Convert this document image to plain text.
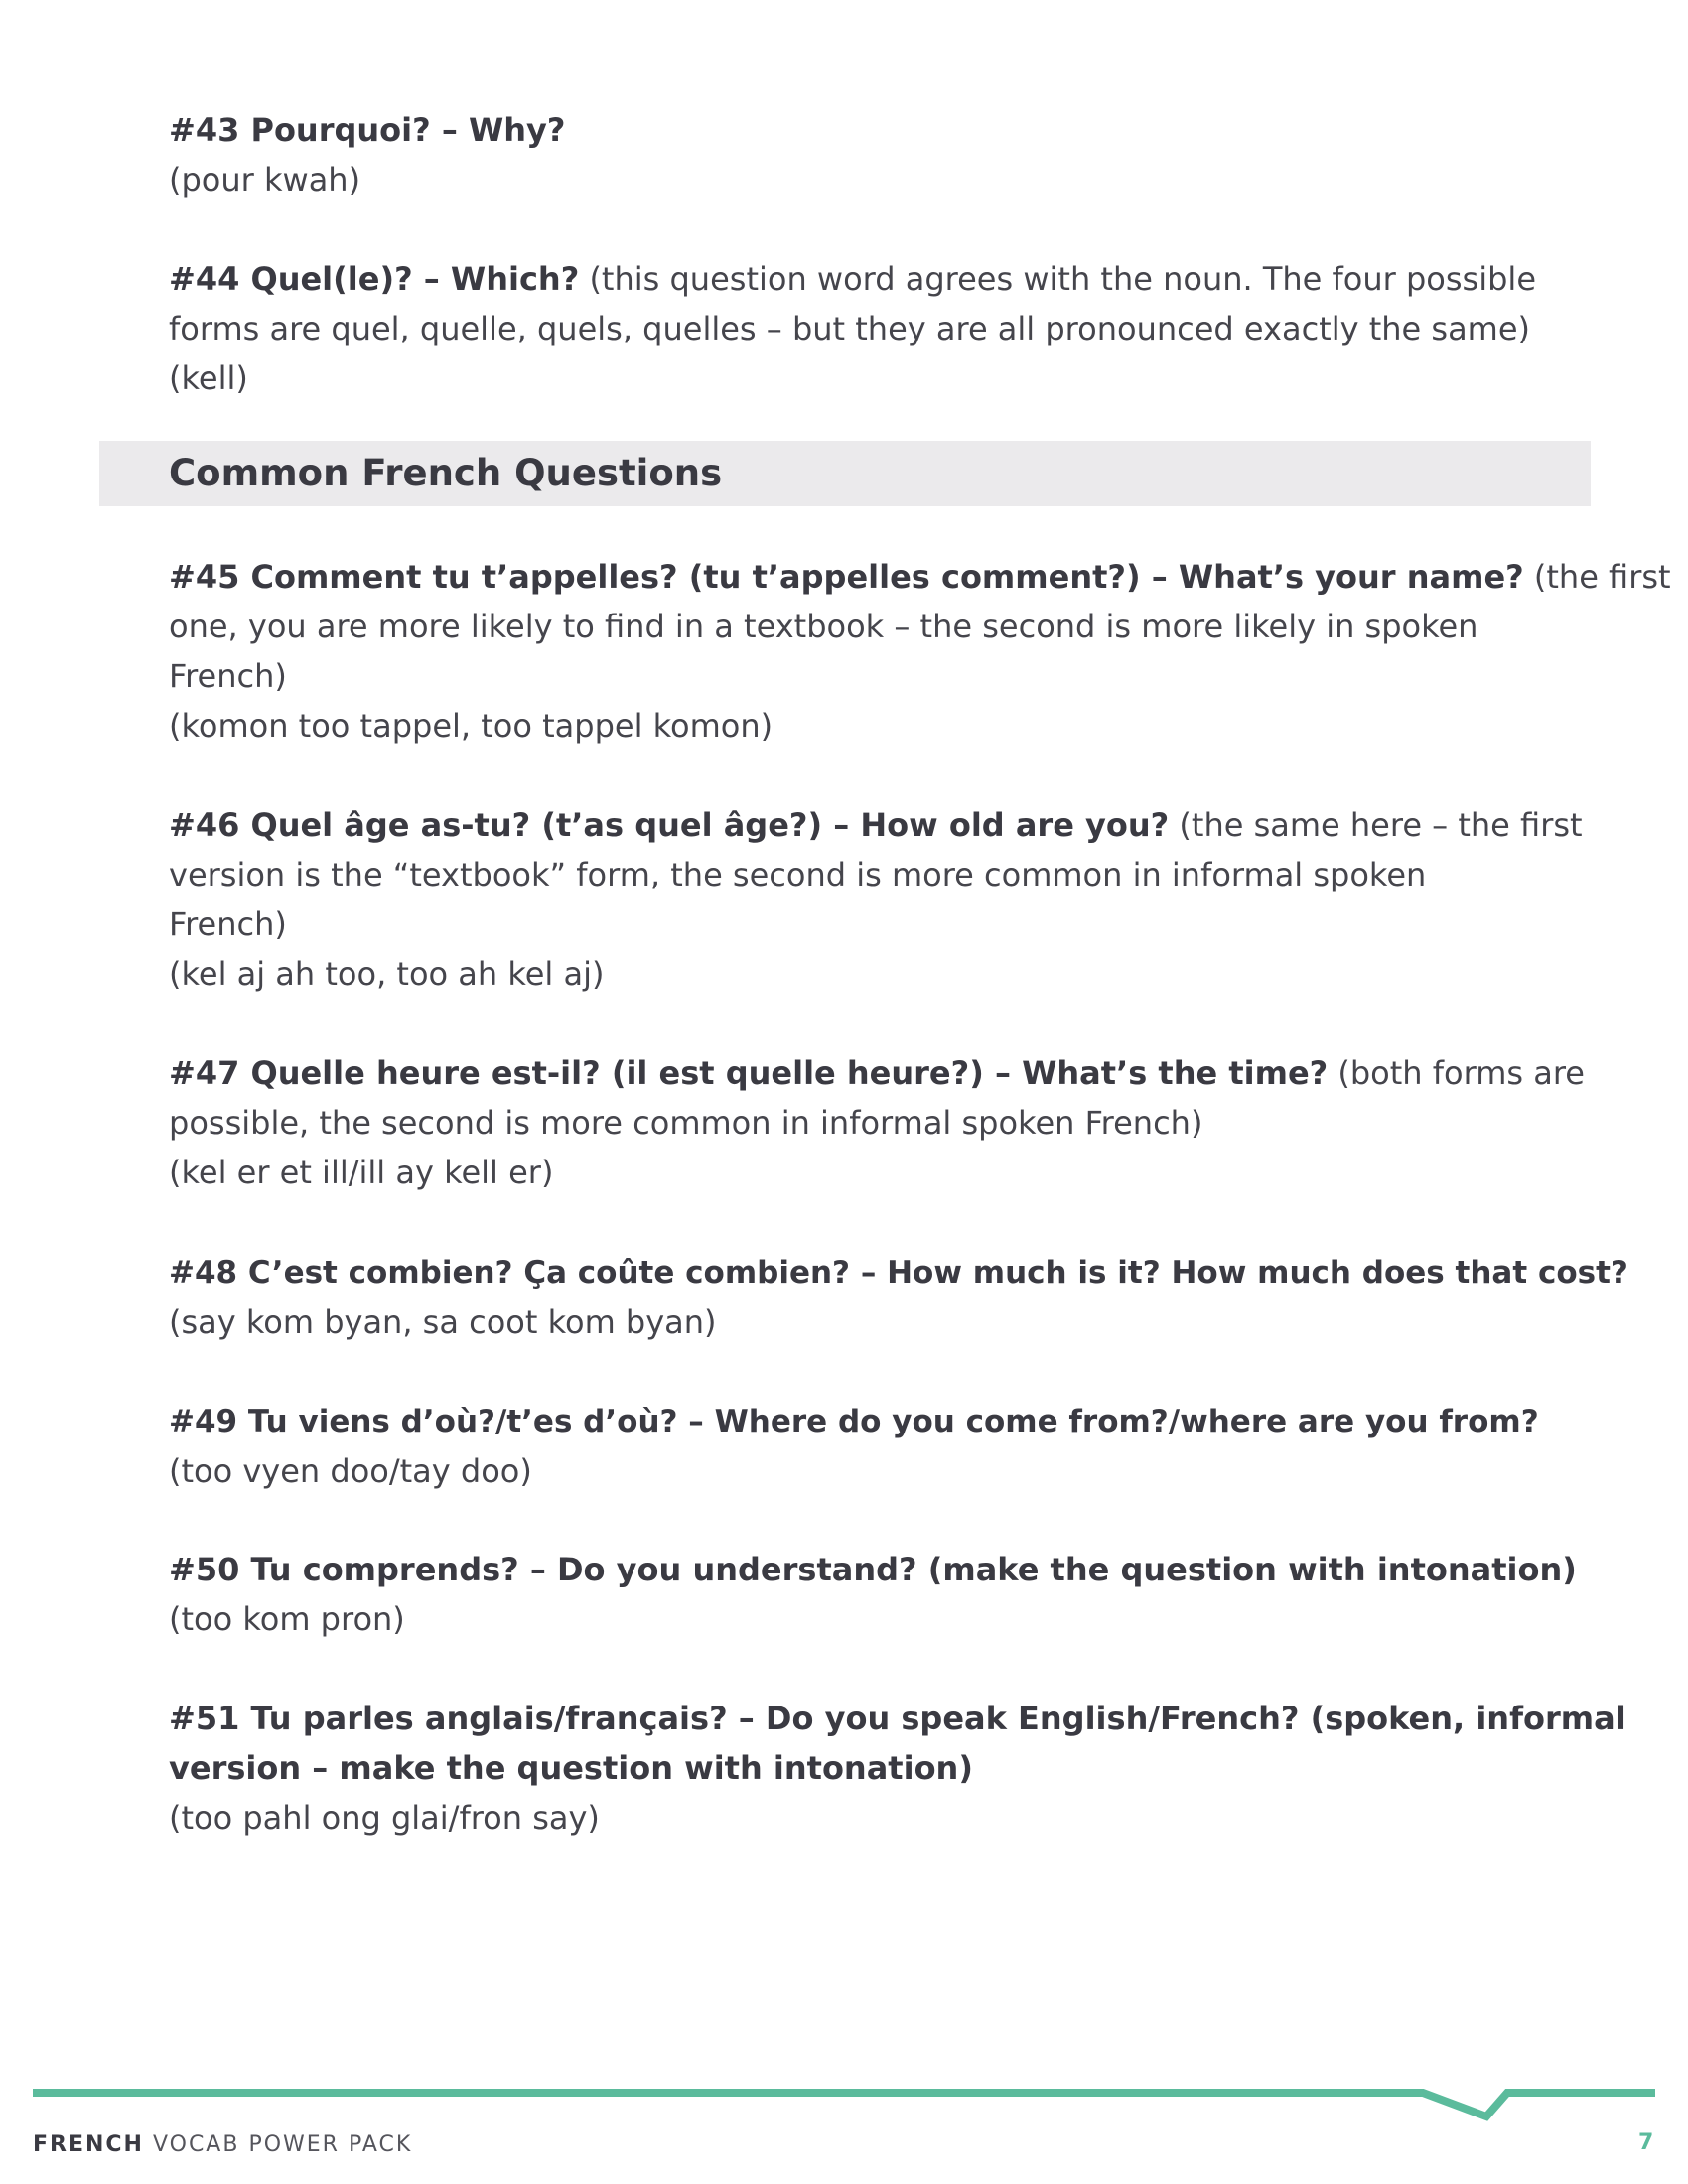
#43 Pourquoi? – Why?
(pour kwah)
#44 Quel(le)? – Which? (this question word agrees with the noun. The four possible
forms are quel, quelle, quels, quelles – but they are all pronounced exactly the same)
(kell)
Common French Questions
#45 Comment tu t’appelles? (tu t’appelles comment?) – What’s your name? (the first
one, you are more likely to find in a textbook – the second is more likely in spoken
French)
(komon too tappel, too tappel komon)
#46 Quel âge as-tu? (t’as quel âge?) – How old are you? (the same here – the first
version is the “textbook” form, the second is more common in informal spoken
French)
(kel aj ah too, too ah kel aj)
#47 Quelle heure est-il? (il est quelle heure?) – What’s the time? (both forms are
possible, the second is more common in informal spoken French)
(kel er et ill/ill ay kell er)
#48 C’est combien? Ça coûte combien? – How much is it? How much does that cost?
(say kom byan, sa coot kom byan)
#49 Tu viens d’où?/t’es d’où? – Where do you come from?/where are you from?
(too vyen doo/tay doo)
#50 Tu comprends? – Do you understand? (make the question with intonation)
(too kom pron)
#51 Tu parles anglais/français? – Do you speak English/French? (spoken, informal
version – make the question with intonation)
(too pahl ong glai/fron say)
FRENCH VOCAB POWER PACK	7
